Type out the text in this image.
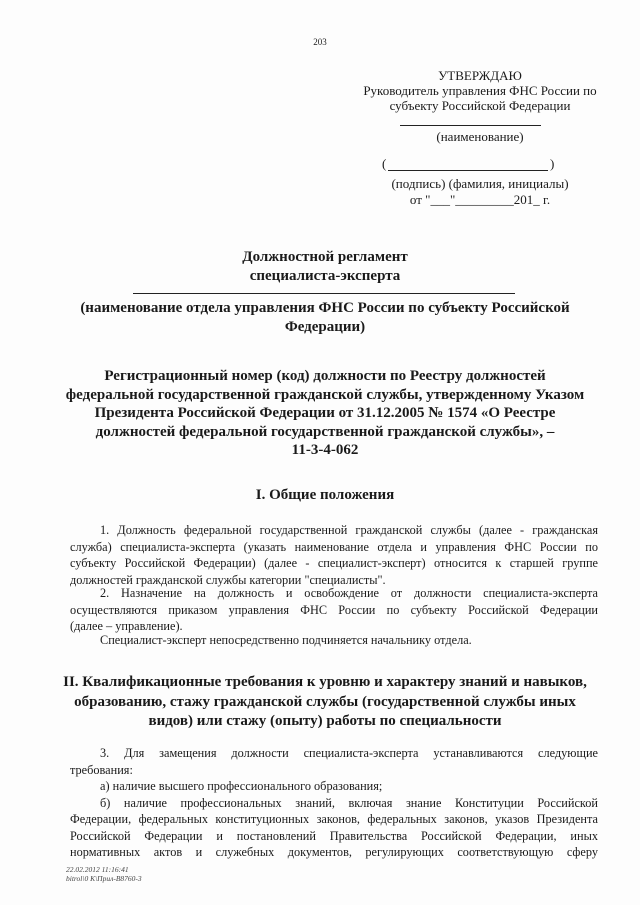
203
УТВЕРЖДАЮ
Руководитель управления ФНС России по
субъекту Российской Федерации
(наименование)
(	)
(подпись) (фамилия, инициалы)
от "___"_________201_ г.
Должностной регламент
специалиста-эксперта
(наименование отдела управления ФНС России по субъекту Российской
Федерации)
Регистрационный номер (код) должности по Реестру должностей
федеральной государственной гражданской службы, утвержденному Указом
Президента Российской Федерации от 31.12.2005 № 1574 «О Реестре
должностей федеральной государственной гражданской службы», –
11-3-4-062
I. Общие положения
1. Должность федеральной государственной гражданской службы (далее - гражданская
служба) специалиста-эксперта (указать наименование отдела и управления ФНС России по
субъекту Российской Федерации) (далее - специалист-эксперт) относится к старшей группе
должностей гражданской службы категории "специалисты".
2. Назначение на должность и освобождение от должности специалиста-эксперта
осуществляются приказом управления ФНС России по субъекту Российской Федерации
(далее – управление).
Специалист-эксперт непосредственно подчиняется начальнику отдела.
II. Квалификационные требования к уровню и характеру знаний и навыков,
образованию, стажу гражданской службы (государственной службы иных
видов) или стажу (опыту) работы по специальности
3. Для замещения должности специалиста-эксперта устанавливаются следующие
требования:
а) наличие высшего профессионального образования;
б) наличие профессиональных знаний, включая знание Конституции Российской
Федерации, федеральных конституционных законов, федеральных законов, указов Президента
Российской Федерации и постановлений Правительства Российской Федерации, иных
нормативных актов и служебных документов, регулирующих соответствующую сферу
22.02.2012 11:16:41
bitrol\0 К\Прил-В8760-3
